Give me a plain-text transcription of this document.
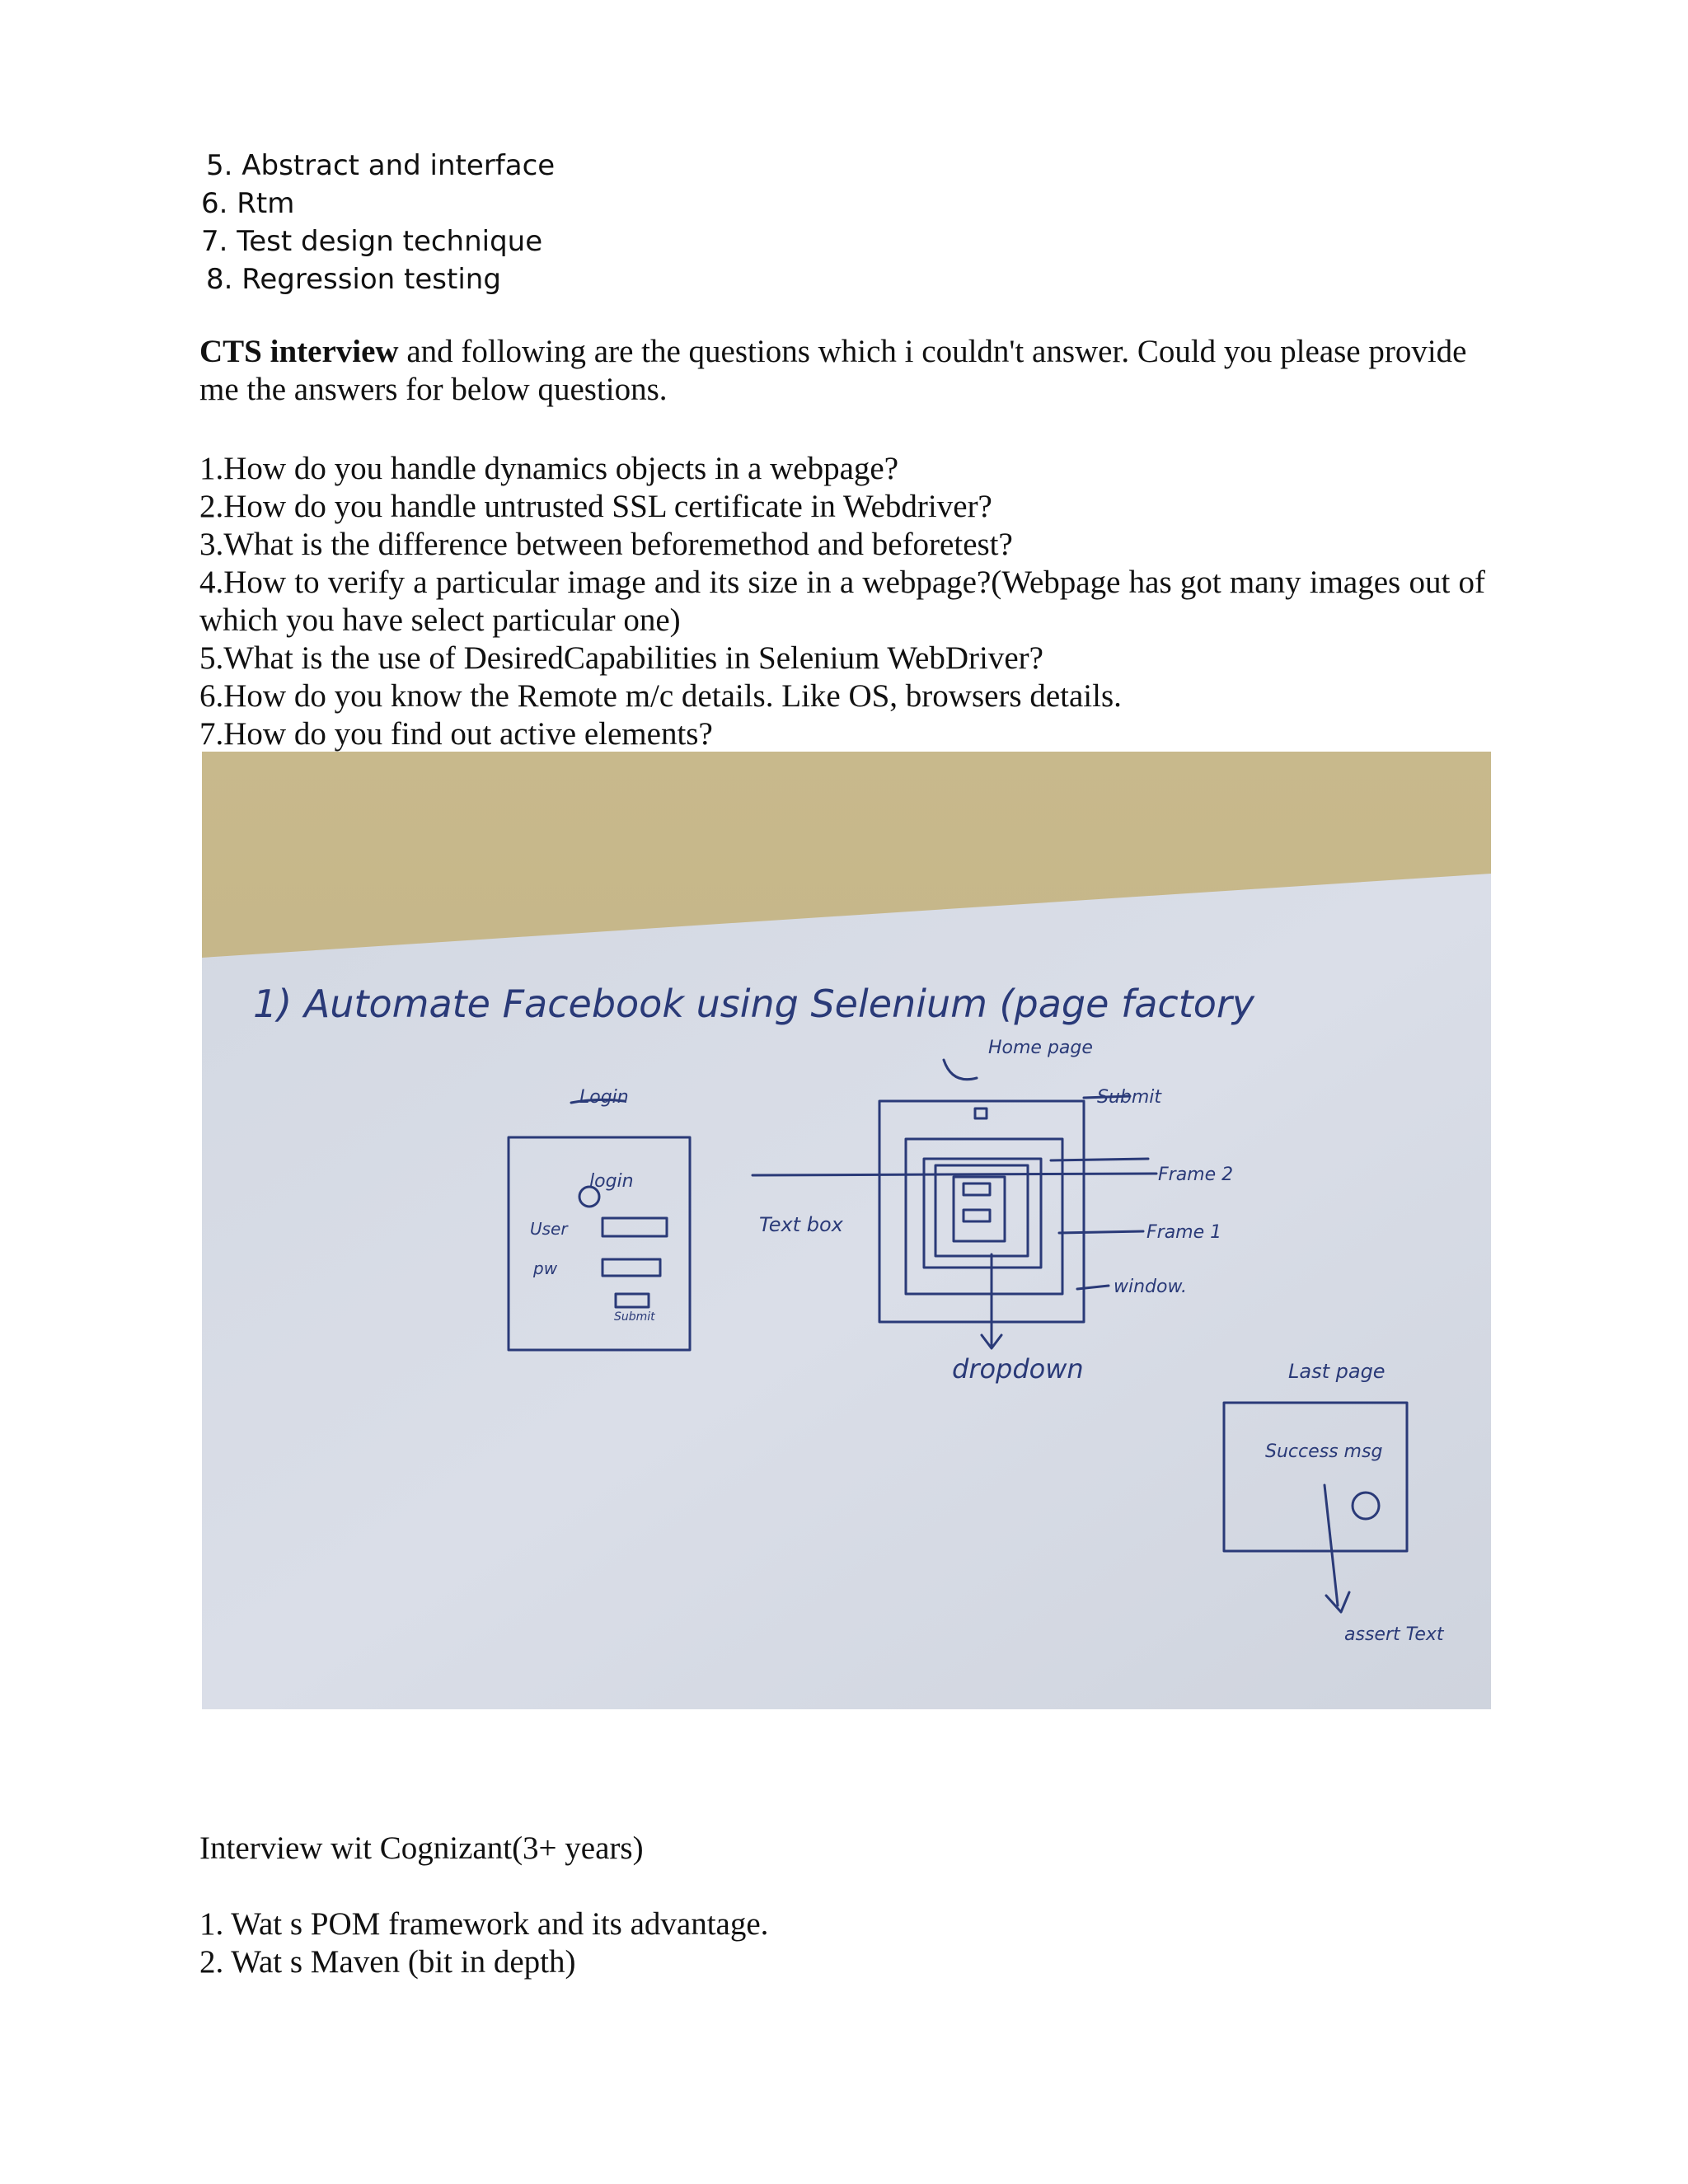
5. Abstract and interface
6. Rtm
7. Test design technique
8. Regression testing
CTS interview and following are the questions which i couldn't answer. Could you please provide me the answers for below questions.
1.How do you handle dynamics objects in a webpage?
2.How do you handle untrusted SSL certificate in Webdriver?
3.What is the difference between beforemethod and beforetest?
4.How to verify a particular image and its size in a webpage?(Webpage has got many images out of which you have select particular one)
5.What is the use of DesiredCapabilities in Selenium WebDriver?
6.How do you know the Remote m/c details. Like OS, browsers details.
7.How do you find out active elements?
1) Automate Facebook using Selenium (page factory
Home page
Login
login
User
pw
Submit
Text box
Submit
Frame 2
Frame 1
window.
dropdown	Last page
Success msg
assert Text
Interview wit Cognizant(3+ years)
1. Wat s POM framework and its advantage.
2. Wat s Maven (bit in depth)
